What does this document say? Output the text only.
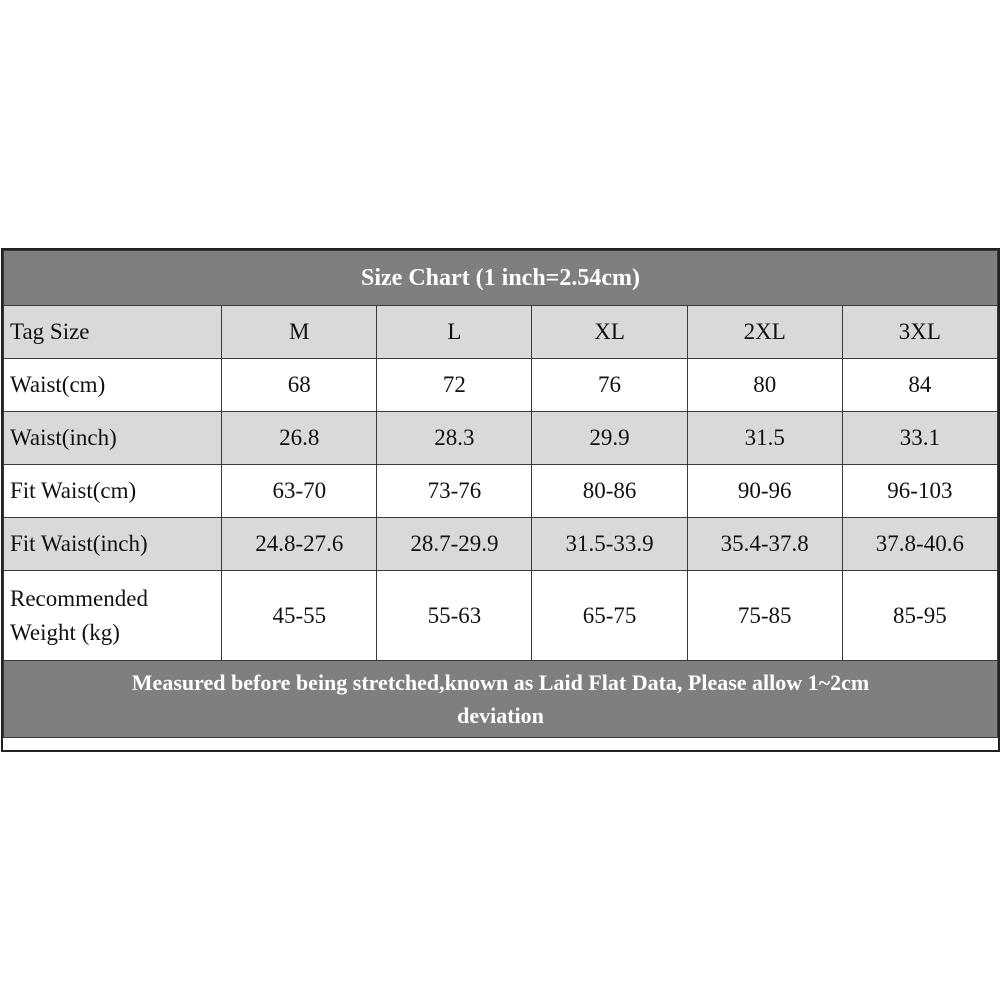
Size Chart (1 inch=2.54cm)					
Tag Size	M	L	XL	2XL	3XL
Waist(cm)	68	72	76	80	84
Waist(inch)	26.8	28.3	29.9	31.5	33.1
Fit Waist(cm)	63-70	73-76	80-86	90-96	96-103
Fit Waist(inch)	24.8-27.6	28.7-29.9	31.5-33.9	35.4-37.8	37.8-40.6
Recommended
Weight (kg)	45-55	55-63	65-75	75-85	85-95
Measured before being stretched,known as Laid Flat Data, Please allow 1~2cm
deviation					
